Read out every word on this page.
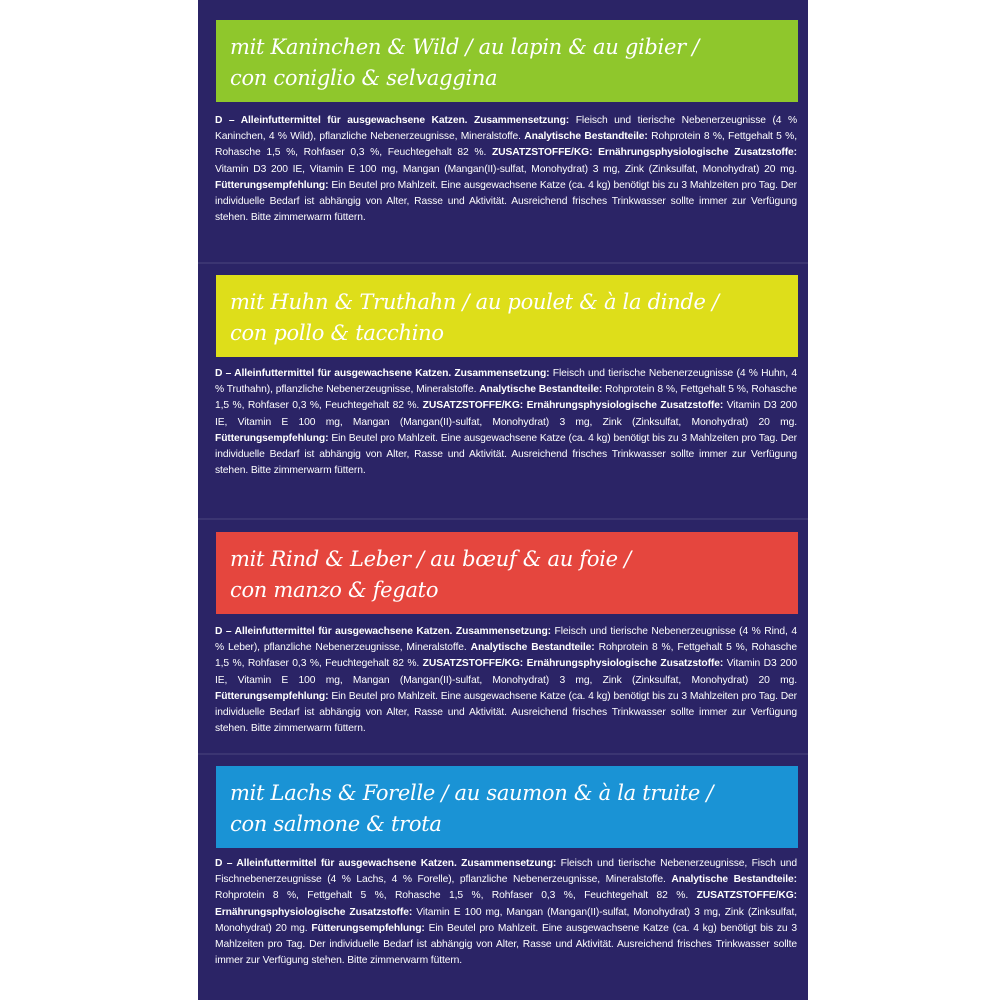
mit Kaninchen & Wild / au lapin & au gibier /
con coniglio & selvaggina
D – Alleinfuttermittel für ausgewachsene Katzen. Zusammensetzung: Fleisch und tierische Nebenerzeugnisse (4 % Kaninchen, 4 % Wild), pflanzliche Nebenerzeugnisse, Mineralstoffe. Analytische Bestandteile: Rohprotein 8 %, Fettgehalt 5 %, Rohasche 1,5 %, Rohfaser 0,3 %, Feuchtegehalt 82 %. ZUSATZSTOFFE/KG: Ernährungsphysiologische Zusatzstoffe: Vitamin D3 200 IE, Vitamin E 100 mg, Mangan (Mangan(II)-sulfat, Monohydrat) 3 mg, Zink (Zinksulfat, Monohydrat) 20 mg. Fütterungsempfehlung: Ein Beutel pro Mahlzeit. Eine ausgewachsene Katze (ca. 4 kg) benötigt bis zu 3 Mahlzeiten pro Tag. Der individuelle Bedarf ist abhängig von Alter, Rasse und Aktivität. Ausreichend frisches Trinkwasser sollte immer zur Verfügung stehen. Bitte zimmerwarm füttern.
mit Huhn & Truthahn / au poulet & à la dinde /
con pollo & tacchino
D – Alleinfuttermittel für ausgewachsene Katzen. Zusammensetzung: Fleisch und tierische Nebenerzeugnisse (4 % Huhn, 4 % Truthahn), pflanzliche Nebenerzeugnisse, Mineralstoffe. Analytische Bestandteile: Rohprotein 8 %, Fettgehalt 5 %, Rohasche 1,5 %, Rohfaser 0,3 %, Feuchtegehalt 82 %. ZUSATZSTOFFE/KG: Ernährungsphysiologische Zusatzstoffe: Vitamin D3 200 IE, Vitamin E 100 mg, Mangan (Mangan(II)-sulfat, Monohydrat) 3 mg, Zink (Zinksulfat, Monohydrat) 20 mg. Fütterungsempfehlung: Ein Beutel pro Mahlzeit. Eine ausgewachsene Katze (ca. 4 kg) benötigt bis zu 3 Mahlzeiten pro Tag. Der individuelle Bedarf ist abhängig von Alter, Rasse und Aktivität. Ausreichend frisches Trinkwasser sollte immer zur Verfügung stehen. Bitte zimmerwarm füttern.
mit Rind & Leber / au bœuf & au foie /
con manzo & fegato
D – Alleinfuttermittel für ausgewachsene Katzen. Zusammensetzung: Fleisch und tierische Nebenerzeugnisse (4 % Rind, 4 % Leber), pflanzliche Nebenerzeugnisse, Mineralstoffe. Analytische Bestandteile: Rohprotein 8 %, Fettgehalt 5 %, Rohasche 1,5 %, Rohfaser 0,3 %, Feuchtegehalt 82 %. ZUSATZSTOFFE/KG: Ernährungsphysiologische Zusatzstoffe: Vitamin D3 200 IE, Vitamin E 100 mg, Mangan (Mangan(II)-sulfat, Monohydrat) 3 mg, Zink (Zinksulfat, Monohydrat) 20 mg. Fütterungsempfehlung: Ein Beutel pro Mahlzeit. Eine ausgewachsene Katze (ca. 4 kg) benötigt bis zu 3 Mahlzeiten pro Tag. Der individuelle Bedarf ist abhängig von Alter, Rasse und Aktivität. Ausreichend frisches Trinkwasser sollte immer zur Verfügung stehen. Bitte zimmerwarm füttern.
mit Lachs & Forelle / au saumon & à la truite /
con salmone & trota
D – Alleinfuttermittel für ausgewachsene Katzen. Zusammensetzung: Fleisch und tierische Nebenerzeugnisse, Fisch und Fischnebenerzeugnisse (4 % Lachs, 4 % Forelle), pflanzliche Nebenerzeugnisse, Mineralstoffe. Analytische Bestandteile: Rohprotein 8 %, Fettgehalt 5 %, Rohasche 1,5 %, Rohfaser 0,3 %, Feuchtegehalt 82 %. ZUSATZSTOFFE/KG: Ernährungsphysiologische Zusatzstoffe: Vitamin E 100 mg, Mangan (Mangan(II)-sulfat, Monohydrat) 3 mg, Zink (Zinksulfat, Monohydrat) 20 mg. Fütterungsempfehlung: Ein Beutel pro Mahlzeit. Eine ausgewachsene Katze (ca. 4 kg) benötigt bis zu 3 Mahlzeiten pro Tag. Der individuelle Bedarf ist abhängig von Alter, Rasse und Aktivität. Ausreichend frisches Trinkwasser sollte immer zur Verfügung stehen. Bitte zimmerwarm füttern.
